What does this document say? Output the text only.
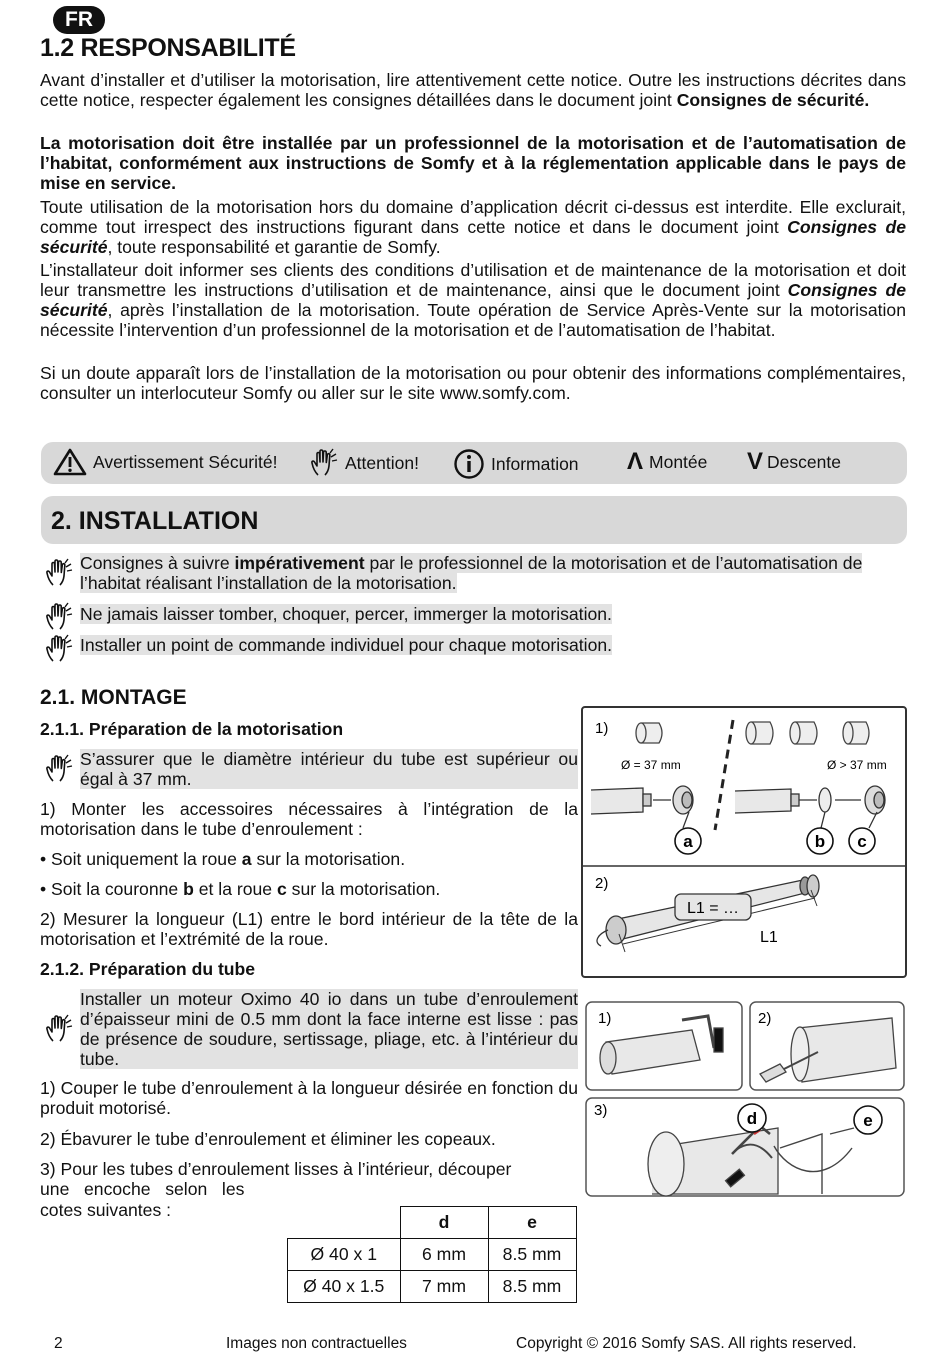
FR
1.2 RESPONSABILITÉ
Avant d’installer et d’utiliser la motorisation, lire attentivement cette notice. Outre les instructions décrites dans cette notice, respecter également les consignes détaillées dans le document joint Consignes de sécurité.
La motorisation doit être installée par un professionnel de la motorisation et de l’automatisation de l’habitat, conformément aux instructions de Somfy et à la réglementation applicable dans le pays de mise en service.
Toute utilisation de la motorisation hors du domaine d’application décrit ci-dessus est interdite. Elle exclurait, comme tout irrespect des instructions figurant dans cette notice et dans le document joint Consignes de sécurité, toute responsabilité et garantie de Somfy.
L’installateur doit informer ses clients des conditions d’utilisation et de maintenance de la motorisation et doit leur transmettre les instructions d’utilisation et de maintenance, ainsi que le document joint Consignes de sécurité, après l’installation de la motorisation. Toute opération de Service Après-Vente sur la motorisation nécessite l’intervention d’un professionnel de la motorisation et de l’automatisation de l’habitat.
Si un doute apparaît lors de l’installation de la motorisation ou pour obtenir des informations complémentaires, consulter un interlocuteur Somfy ou aller sur le site www.somfy.com.
Avertissement Sécurité!	Attention!	Information Λ Montée V Descente
2. INSTALLATION
Consignes à suivre impérativement par le professionnel de la motorisation et de l’automatisation de l’habitat réalisant l’installation de la motorisation.
Ne jamais laisser tomber, choquer, percer, immerger la motorisation.
Installer un point de commande individuel pour chaque motorisation.
2.1. MONTAGE
2.1.1. Préparation de la motorisation
S’assurer que le diamètre intérieur du tube est supérieur ou égal à 37 mm.
1) Monter les accessoires nécessaires à l’intégration de la motorisation dans le tube d’enroulement :
• Soit uniquement la roue a sur la motorisation.
• Soit la couronne b et la roue c sur la motorisation.
2) Mesurer la longueur (L1) entre le bord intérieur de la tête de la motorisation et l’extrémité de la roue.
2.1.2. Préparation du tube
Installer un moteur Oximo 40 io dans un tube d’enroulement d’épaisseur mini de 0.5 mm dont la face interne est lisse : pas de présence de soudure, sertissage, pliage, etc. à l’intérieur du tube.
1) Couper le tube d’enroulement à la longueur désirée en fonction du produit motorisé.
2) Ébavurer le tube d’enroulement et éliminer les copeaux.
3) Pour les tubes d’enroulement lisses à l’intérieur, découper
une   encoche   selon   les
cotes suivantes :
	d	e
Ø 40 x 1	6 mm	8.5 mm
Ø 40 x 1.5	7 mm	8.5 mm
1)
Ø = 37 mm	Ø > 37 mm
a	b c
2)
L1 = …
L1
1)	2)
3)	d	e
2	Images non contractuelles	Copyright © 2016 Somfy SAS. All rights reserved.
